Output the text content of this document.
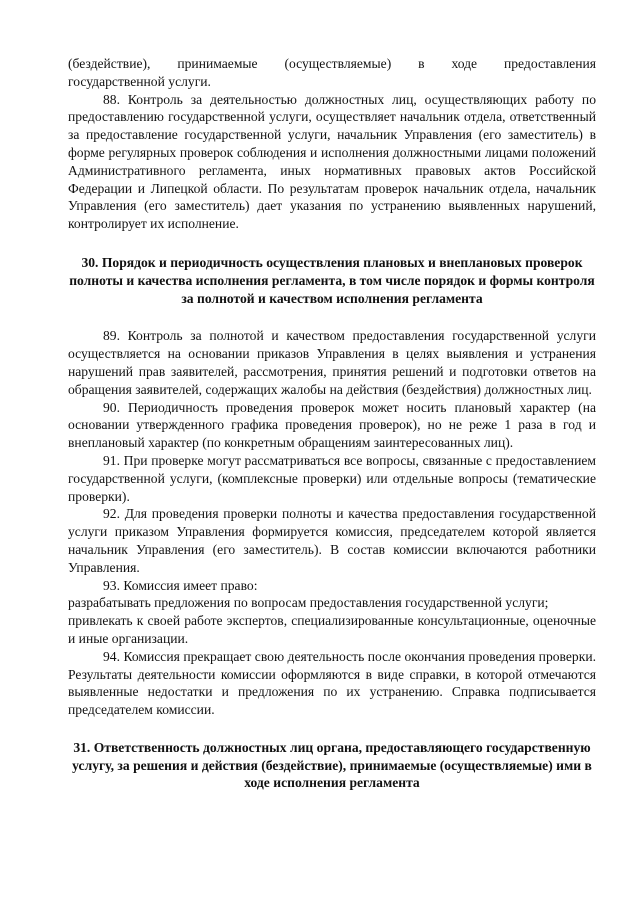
(бездействие), принимаемые (осуществляемые) в ходе предоставления

государственной услуги.

88. Контроль за деятельностью должностных лиц, осуществляющих работу по предоставлению государственной услуги, осуществляет начальник отдела, ответственный за предоставление государственной услуги, начальник Управления (его заместитель) в форме регулярных проверок соблюдения и исполнения должностными лицами положений Административного регламента, иных нормативных правовых актов Российской Федерации и Липецкой области. По результатам проверок начальник отдела, начальник Управления (его заместитель) дает указания по устранению выявленных нарушений, контролирует их исполнение.

30. Порядок и периодичность осуществления плановых и внеплановых проверок полноты и качества исполнения регламента, в том числе порядок и формы контроля за полнотой и качеством исполнения регламента

89. Контроль за полнотой и качеством предоставления государственной услуги осуществляется на основании приказов Управления в целях выявления и устранения нарушений прав заявителей, рассмотрения, принятия решений и подготовки ответов на обращения заявителей, содержащих жалобы на действия (бездействия) должностных лиц.

90. Периодичность проведения проверок может носить плановый характер (на основании утвержденного графика проведения проверок), но не реже 1 раза в год и внеплановый характер (по конкретным обращениям заинтересованных лиц).

91. При проверке могут рассматриваться все вопросы, связанные с предоставлением государственной услуги, (комплексные проверки) или отдельные вопросы (тематические проверки).

92. Для проведения проверки полноты и качества предоставления государственной услуги приказом Управления формируется комиссия, председателем которой является начальник Управления (его заместитель). В состав комиссии включаются работники Управления.

93. Комиссия имеет право:

разрабатывать предложения по вопросам предоставления государственной услуги;

привлекать к своей работе экспертов, специализированные консультационные, оценочные и иные организации.

94. Комиссия прекращает свою деятельность после окончания проведения проверки. Результаты деятельности комиссии оформляются в виде справки, в которой отмечаются выявленные недостатки и предложения по их устранению. Справка подписывается председателем комиссии.

31. Ответственность должностных лиц органа, предоставляющего государственную услугу, за решения и действия (бездействие), принимаемые (осуществляемые) ими в ходе исполнения регламента
